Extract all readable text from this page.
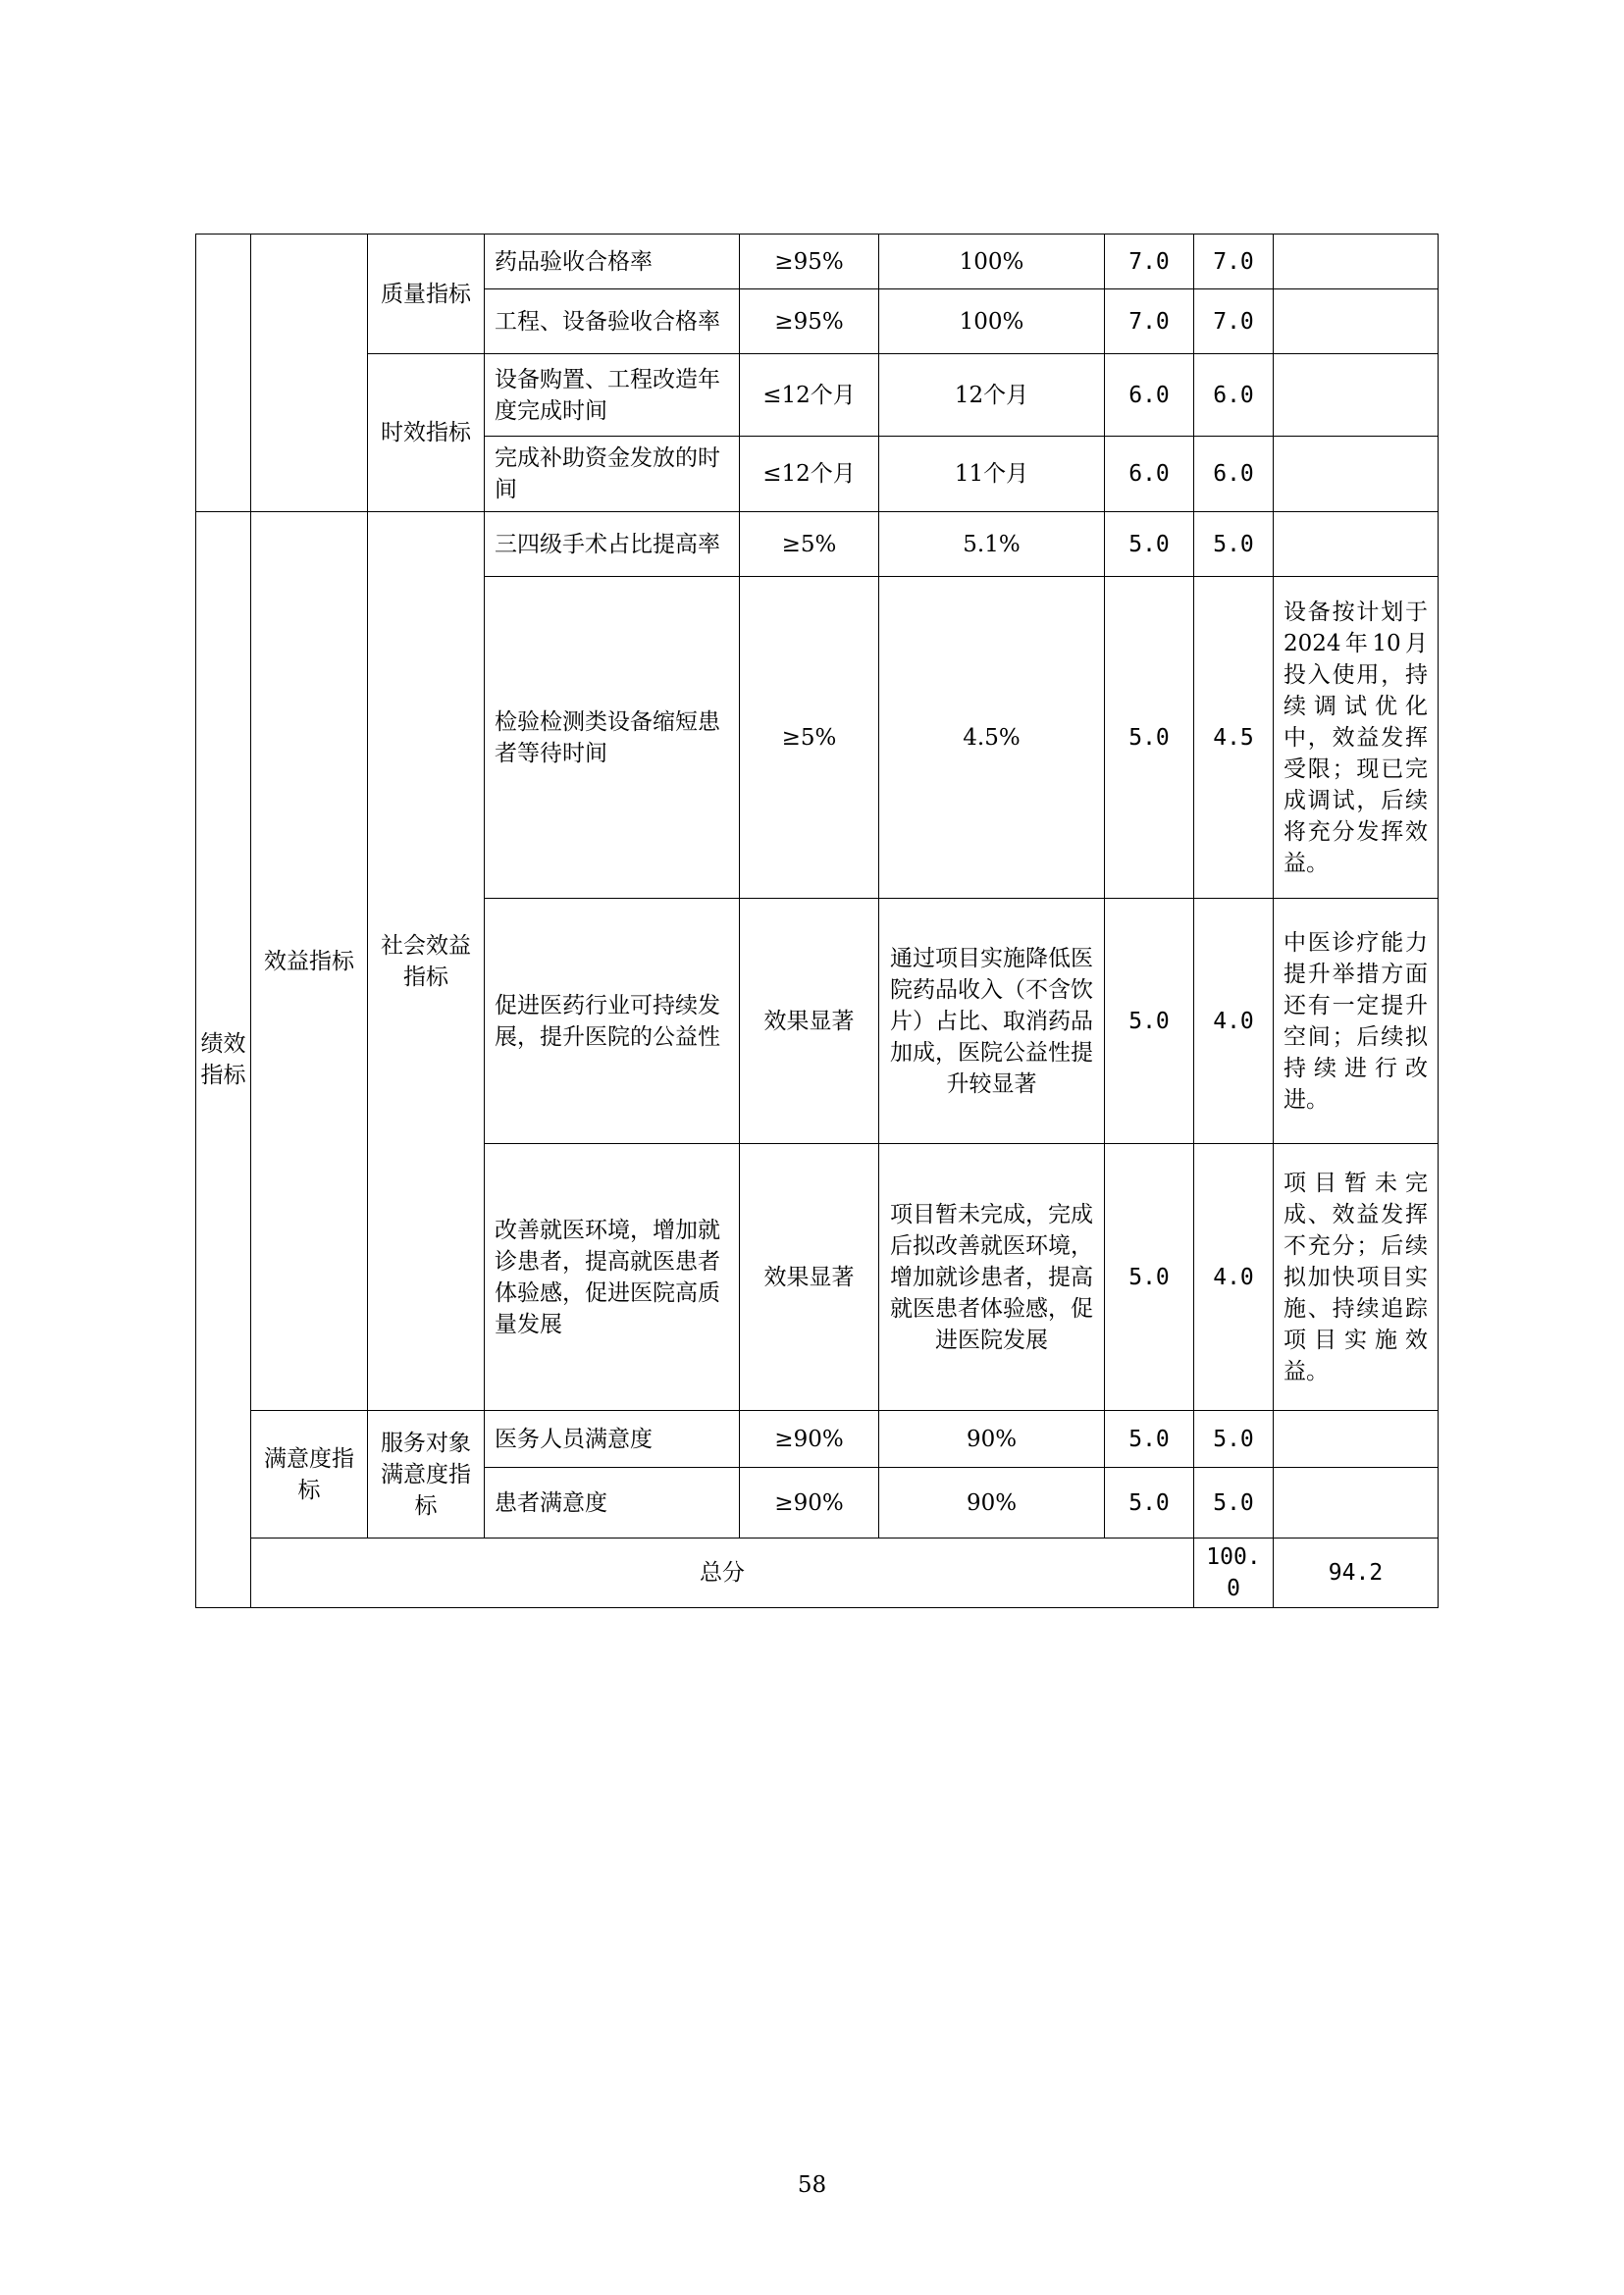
		质量指标	药品验收合格率	≥95%	100%	7.0	7.0		
			工程、设备验收合格率	≥95%	100%	7.0	7.0		
		时效指标	设备购置、工程改造年度完成时间	≤12个月	12个月	6.0	6.0		
			完成补助资金发放的时间	≤12个月	11个月	6.0	6.0		
绩效指标	效益指标	社会效益指标	三四级手术占比提高率	≥5%	5.1%	5.0	5.0		
			检验检测类设备缩短患者等待时间	≥5%	4.5%	5.0	4.5	设备按计划于2024年10月投入使用，持续调试优化中，效益发挥受限；现已完成调试，后续将充分发挥效益。	
			促进医药行业可持续发展，提升医院的公益性	效果显著	通过项目实施降低医院药品收入（不含饮片）占比、取消药品加成，医院公益性提升较显著	5.0	4.0	中医诊疗能力提升举措方面还有一定提升空间；后续拟持续进行改进。	
			改善就医环境，增加就诊患者，提高就医患者体验感，促进医院高质量发展	效果显著	项目暂未完成，完成后拟改善就医环境，增加就诊患者，提高就医患者体验感，促进医院发展	5.0	4.0	项目暂未完成、效益发挥不充分；后续拟加快项目实施、持续追踪项目实施效益。	
	满意度指标	服务对象满意度指标	医务人员满意度	≥90%	90%	5.0	5.0		
			患者满意度	≥90%	90%	5.0	5.0		
	总分						100.0	94.2	
58
